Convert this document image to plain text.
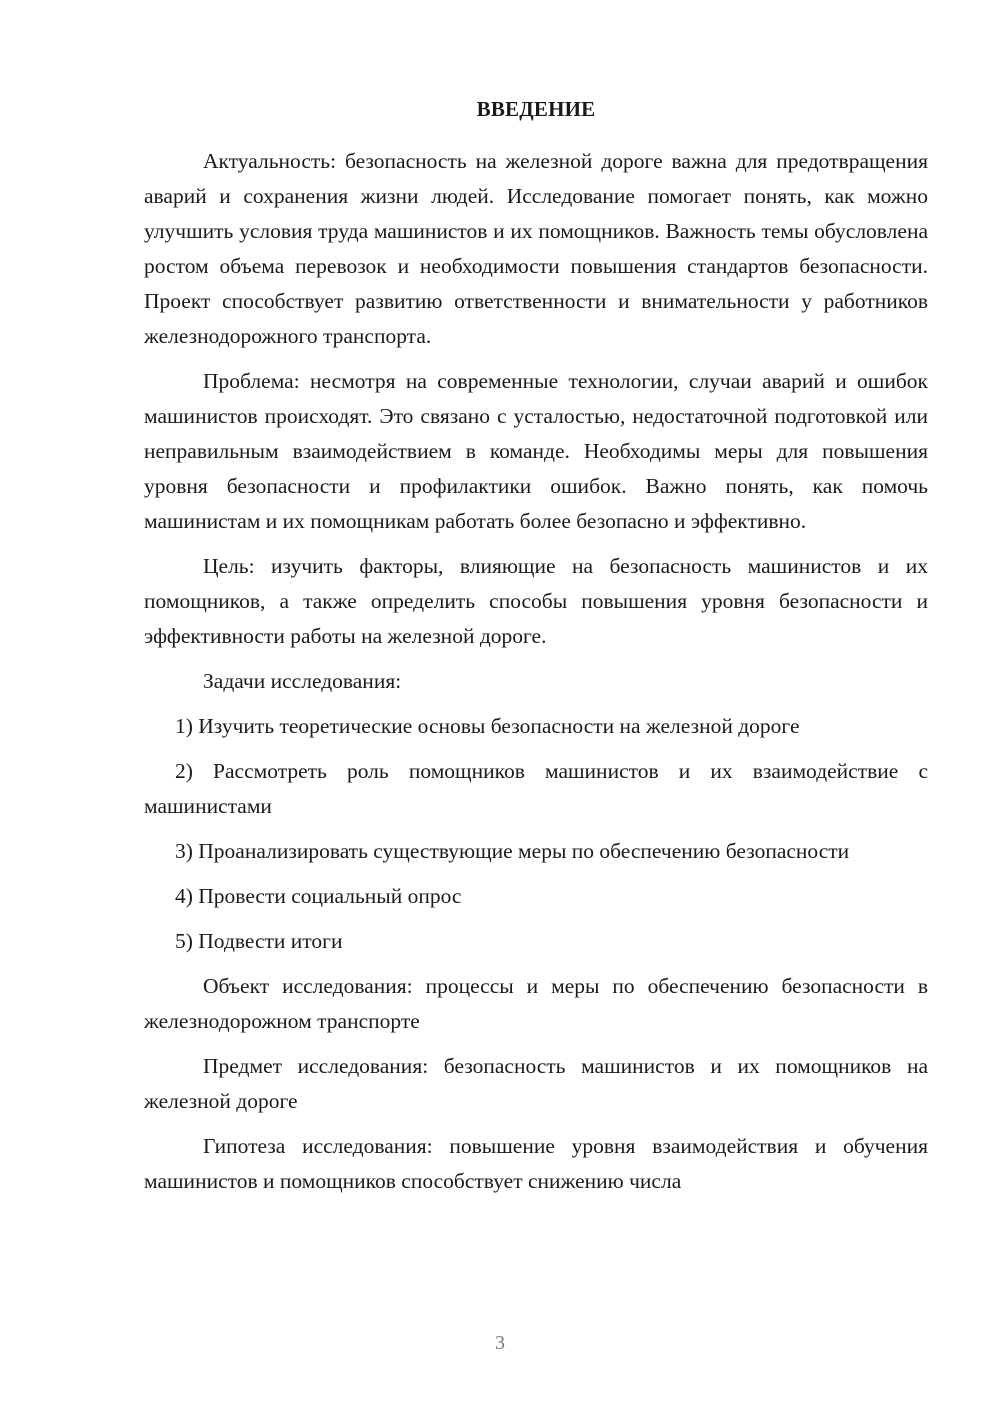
ВВЕДЕНИЕ

Актуальность: безопасность на железной дороге важна для предотвращения аварий и сохранения жизни людей. Исследование помогает понять, как можно улучшить условия труда машинистов и их помощников. Важность темы обусловлена ростом объема перевозок и необходимости повышения стандартов безопасности. Проект способствует развитию ответственности и внимательности у работников железнодорожного транспорта.

Проблема: несмотря на современные технологии, случаи аварий и ошибок машинистов происходят. Это связано с усталостью, недостаточной подготовкой или неправильным взаимодействием в команде. Необходимы меры для повышения уровня безопасности и профилактики ошибок. Важно понять, как помочь машинистам и их помощникам работать более безопасно и эффективно.

Цель: изучить факторы, влияющие на безопасность машинистов и их помощников, а также определить способы повышения уровня безопасности и эффективности работы на железной дороге.

Задачи исследования:

1) Изучить теоретические основы безопасности на железной дороге

2) Рассмотреть роль помощников машинистов и их взаимодействие с машинистами

3) Проанализировать существующие меры по обеспечению безопасности

4) Провести социальный опрос

5) Подвести итоги

Объект исследования: процессы и меры по обеспечению безопасности в железнодорожном транспорте

Предмет исследования: безопасность машинистов и их помощников на железной дороге

Гипотеза исследования: повышение уровня взаимодействия и обучения машинистов и помощников способствует снижению числа

3
